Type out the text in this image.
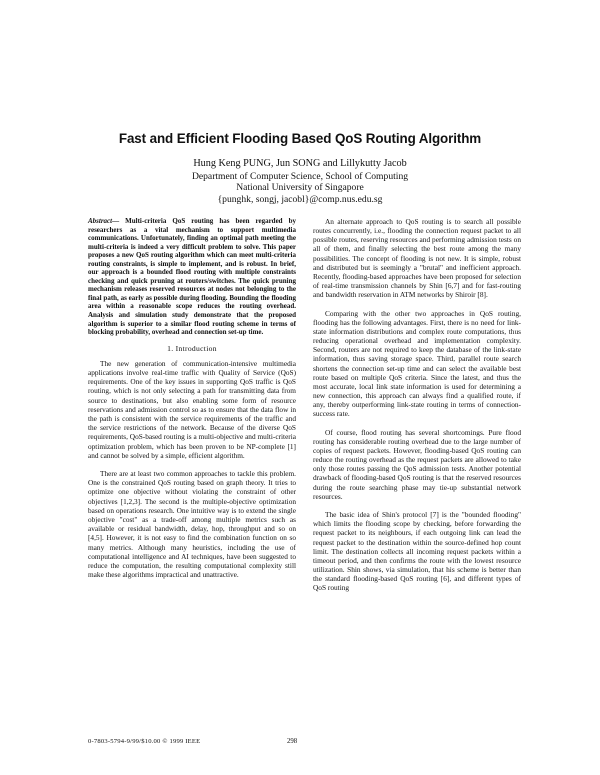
Fast and Efficient Flooding Based QoS Routing Algorithm
Hung Keng PUNG, Jun SONG and Lillykutty Jacob
Department of Computer Science, School of Computing
National University of Singapore
{punghk, songj, jacobl}@comp.nus.edu.sg

Abstract— Multi-criteria QoS routing has been regarded by researchers as a vital mechanism to support multimedia communications. Unfortunately, finding an optimal path meeting the multi-criteria is indeed a very difficult problem to solve. This paper proposes a new QoS routing algorithm which can meet multi-criteria routing constraints, is simple to implement, and is robust. In brief, our approach is a bounded flood routing with multiple constraints checking and quick pruning at routers/switches. The quick pruning mechanism releases reserved resources at nodes not belonging to the final path, as early as possible during flooding. Bounding the flooding area within a reasonable scope reduces the routing overhead. Analysis and simulation study demonstrate that the proposed algorithm is superior to a similar flood routing scheme in terms of blocking probability, overhead and connection set-up time.

1. Introduction

The new generation of communication-intensive multimedia applications involve real-time traffic with Quality of Service (QoS) requirements. One of the key issues in supporting QoS traffic is QoS routing, which is not only selecting a path for transmitting data from source to destinations, but also enabling some form of resource reservations and admission control so as to ensure that the data flow in the path is consistent with the service requirements of the traffic and the service restrictions of the network. Because of the diverse QoS requirements, QoS-based routing is a multi-objective and multi-criteria optimization problem, which has been proven to be NP-complete [1] and cannot be solved by a simple, efficient algorithm.

There are at least two common approaches to tackle this problem. One is the constrained QoS routing based on graph theory. It tries to optimize one objective without violating the constraint of other objectives [1,2,3]. The second is the multiple-objective optimization based on operations research. One intuitive way is to extend the single objective "cost" as a trade-off among multiple metrics such as available or residual bandwidth, delay, hop, throughput and so on [4,5]. However, it is not easy to find the combination function on so many metrics. Although many heuristics, including the use of computational intelligence and AI techniques, have been suggested to reduce the computation, the resulting computational complexity still make these algorithms impractical and unattractive.

An alternate approach to QoS routing is to search all possible routes concurrently, i.e., flooding the connection request packet to all possible routes, reserving resources and performing admission tests on all of them, and finally selecting the best route among the many possibilities. The concept of flooding is not new. It is simple, robust and distributed but is seemingly a "brutal" and inefficient approach. Recently, flooding-based approaches have been proposed for selection of real-time transmission channels by Shin [6,7] and for fast-routing and bandwidth reservation in ATM networks by Shiroir [8].

Comparing with the other two approaches in QoS routing, flooding has the following advantages. First, there is no need for link-state information distributions and complex route computations, thus reducing operational overhead and implementation complexity. Second, routers are not required to keep the database of the link-state information, thus saving storage space. Third, parallel route search shortens the connection set-up time and can select the available best route based on multiple QoS criteria. Since the latest, and thus the most accurate, local link state information is used for determining a new connection, this approach can always find a qualified route, if any, thereby outperforming link-state routing in terms of connection-success rate.

Of course, flood routing has several shortcomings. Pure flood routing has considerable routing overhead due to the large number of copies of request packets. However, flooding-based QoS routing can reduce the routing overhead as the request packets are allowed to take only those routes passing the QoS admission tests. Another potential drawback of flooding-based QoS routing is that the reserved resources during the route searching phase may tie-up substantial network resources.

The basic idea of Shin's protocol [7] is the "bounded flooding" which limits the flooding scope by checking, before forwarding the request packet to its neighbours, if each outgoing link can lead the request packet to the destination within the source-defined hop count limit. The destination collects all incoming request packets within a timeout period, and then confirms the route with the lowest resource utilization. Shin shows, via simulation, that his scheme is better than the standard flooding-based QoS routing [6], and different types of QoS routing

0-7803-5794-9/99/$10.00 © 1999 IEEE	298
